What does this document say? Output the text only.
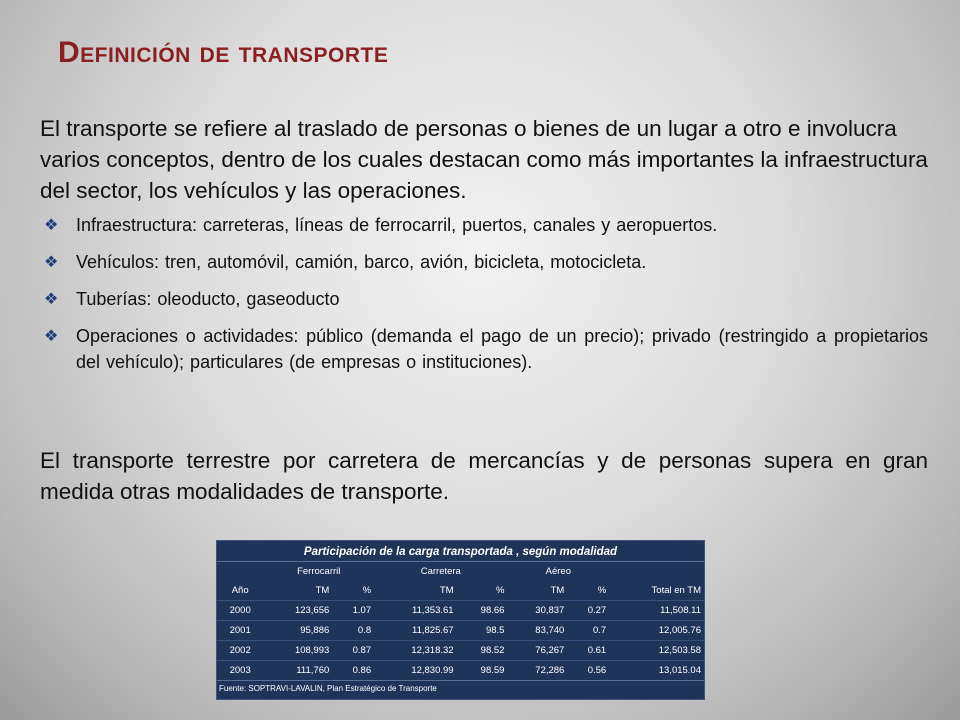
Definición de transporte
El transporte se refiere al traslado de personas o bienes de un lugar a otro e involucra varios conceptos, dentro de los cuales destacan como más importantes la infraestructura del sector, los vehículos y las operaciones.
❖ Infraestructura: carreteras, líneas de ferrocarril, puertos, canales y aeropuertos.
❖ Vehículos: tren, automóvil, camión, barco, avión, bicicleta, motocicleta.
❖ Tuberías: oleoducto, gaseoducto
❖ Operaciones o actividades: público (demanda el pago de un precio); privado (restringido a propietarios del vehículo); particulares (de empresas o instituciones).
El transporte terrestre por carretera de mercancías y de personas supera en gran medida otras modalidades de transporte.
Participación de la carga transportada , según modalidad
	Ferrocarril		Carretera		Aéreo		
Año	TM	%	TM	%	TM	%	Total en TM
2000	123,656	1.07	11,353.61	98.66	30,837	0.27	11,508.11
2001	95,886	0.8	11,825.67	98.5	83,740	0.7	12,005.76
2002	108,993	0.87	12,318.32	98.52	76,267	0.61	12,503.58
2003	111,760	0.86	12,830.99	98.59	72,286	0.56	13,015.04
Fuente: SOPTRAVI-LAVALIN, Plan Estratégico de Transporte
